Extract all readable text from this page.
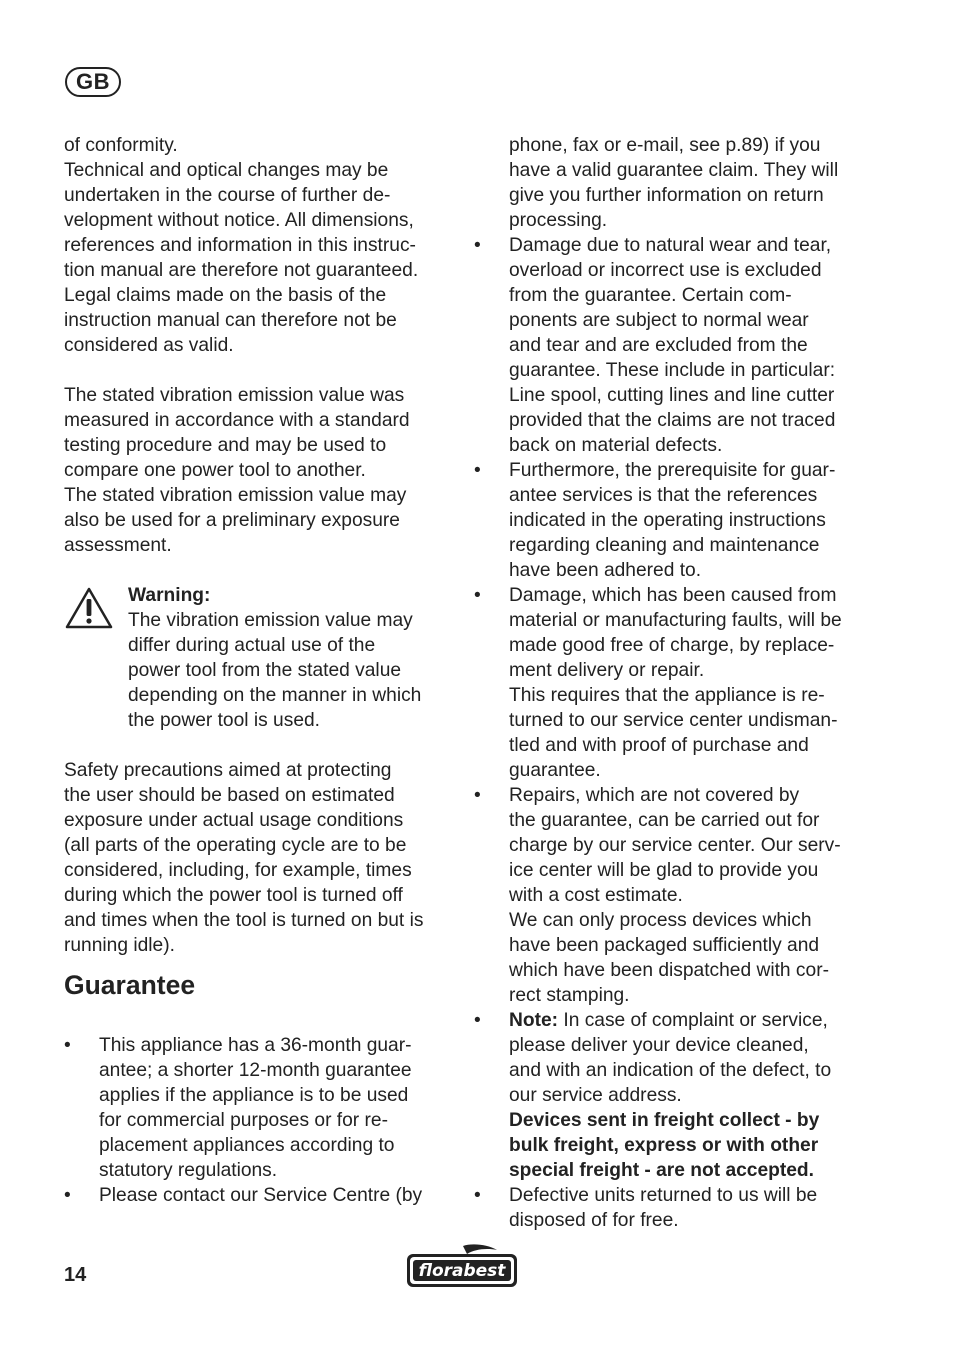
GB
of conformity.
Technical and optical changes may be
undertaken in the course of further de-
velopment without notice. All dimensions,
references and information in this instruc-
tion manual are therefore not guaranteed.
Legal claims made on the basis of the
instruction manual can therefore not be
considered as valid.
The stated vibration emission value was
measured in accordance with a standard
testing procedure and may be used to
compare one power tool to another.
The stated vibration emission value may
also be used for a preliminary exposure
assessment.
Warning:
The vibration emission value may
differ during actual use of the
power tool from the stated value
depending on the manner in which
the power tool is used.
Safety precautions aimed at protecting
the user should be based on estimated
exposure under actual usage conditions
(all parts of the operating cycle are to be
considered, including, for example, times
during which the power tool is turned off
and times when the tool is turned on but is
running idle).
Guarantee
• This appliance has a 36-month guar-
antee; a shorter 12-month guarantee
applies if the appliance is to be used
for commercial purposes or for re-
placement appliances according to
statutory regulations.
• Please contact our Service Centre (by
phone, fax or e-mail, see p.89) if you
have a valid guarantee claim. They will
give you further information on return
processing.
• Damage due to natural wear and tear,
overload or incorrect use is excluded
from the guarantee. Certain com-
ponents are subject to normal wear
and tear and are excluded from the
guarantee. These include in particular:
Line spool, cutting lines and line cutter
provided that the claims are not traced
back on material defects.
• Furthermore, the prerequisite for guar-
antee services is that the references
indicated in the operating instructions
regarding cleaning and maintenance
have been adhered to.
• Damage, which has been caused from
material or manufacturing faults, will be
made good free of charge, by replace-
ment delivery or repair.
This requires that the appliance is re-
turned to our service center undisman-
tled and with proof of purchase and
guarantee.
• Repairs, which are not covered by
the guarantee, can be carried out for
charge by our service center. Our serv-
ice center will be glad to provide you
with a cost estimate.
We can only process devices which
have been packaged sufficiently and
which have been dispatched with cor-
rect stamping.
• Note: In case of complaint or service,
please deliver your device cleaned,
and with an indication of the defect, to
our service address.
Devices sent in freight collect - by
bulk freight, express or with other
special freight - are not accepted.
• Defective units returned to us will be
disposed of for free.
14	florabest
